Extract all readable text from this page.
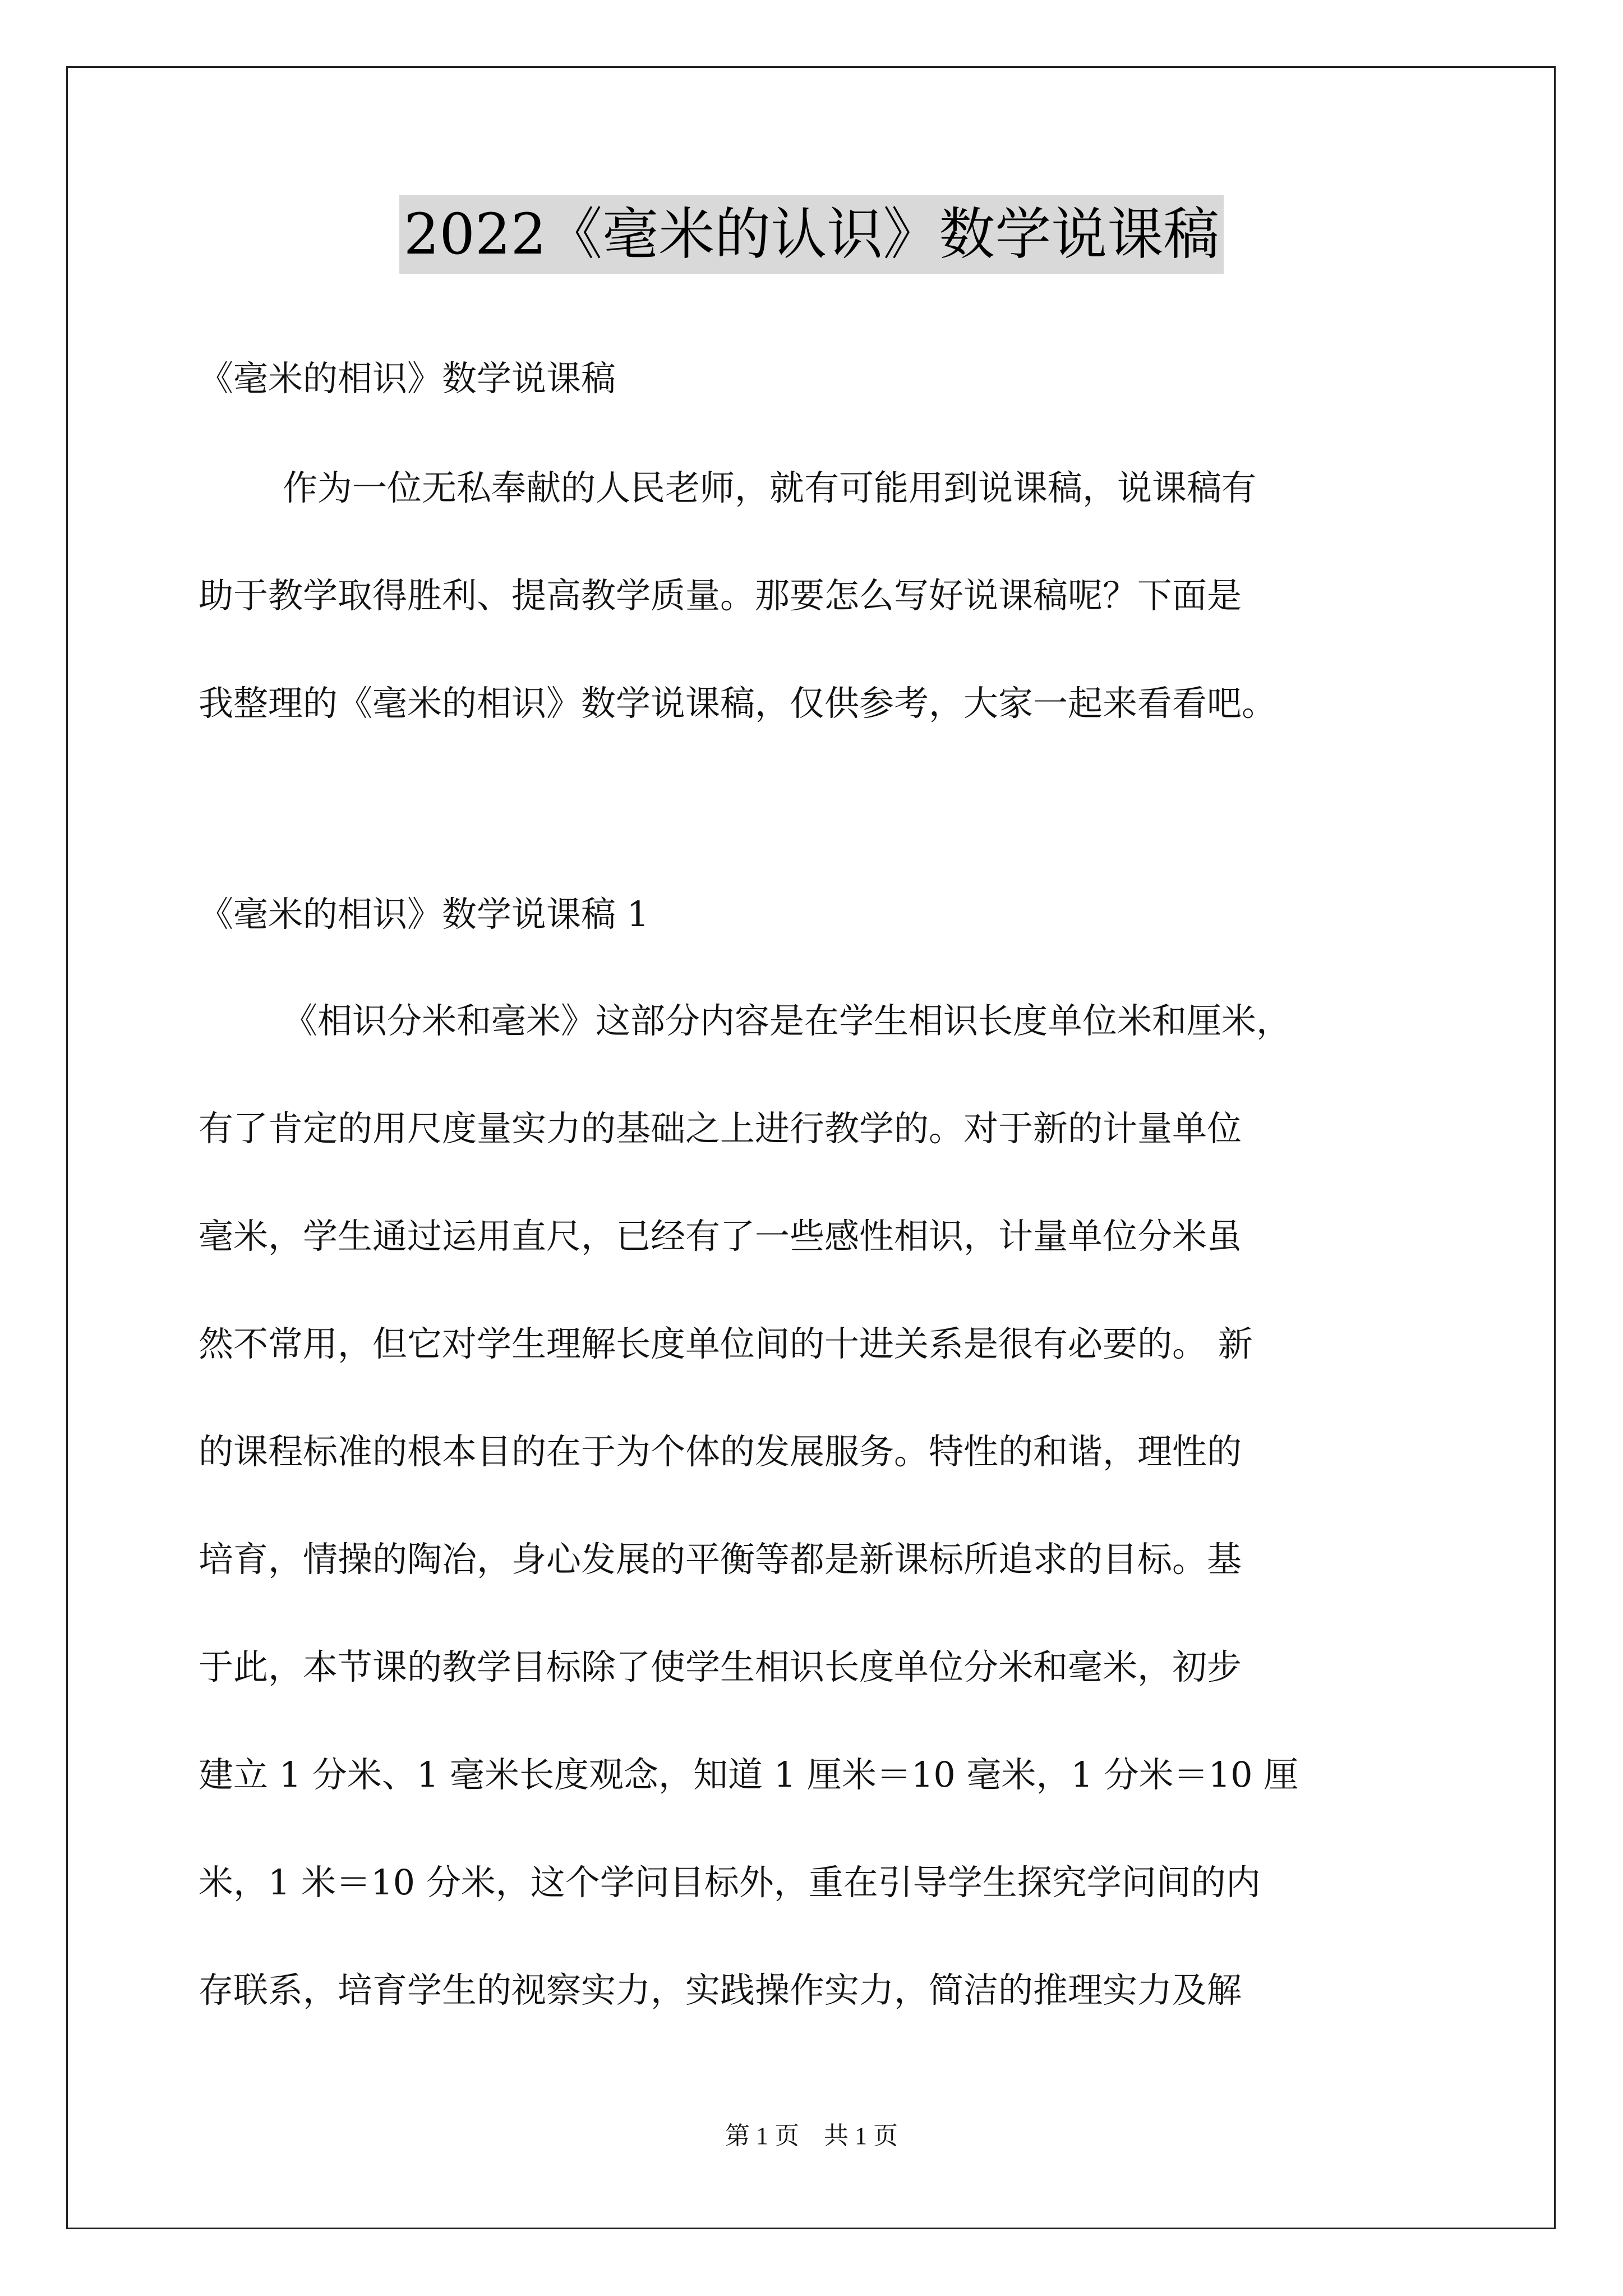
2022《毫米的认识》数学说课稿
《毫米的相识》数学说课稿
作为一位无私奉献的人民老师，就有可能用到说课稿，说课稿有
助于教学取得胜利、提高教学质量。那要怎么写好说课稿呢？下面是
我整理的《毫米的相识》数学说课稿，仅供参考，大家一起来看看吧。
《毫米的相识》数学说课稿 1
《相识分米和毫米》这部分内容是在学生相识长度单位米和厘米，
有了肯定的用尺度量实力的基础之上进行教学的。对于新的计量单位
毫米，学生通过运用直尺，已经有了一些感性相识，计量单位分米虽
然不常用，但它对学生理解长度单位间的十进关系是很有必要的。 新
的课程标准的根本目的在于为个体的发展服务。特性的和谐，理性的
培育，情操的陶冶，身心发展的平衡等都是新课标所追求的目标。基
于此，本节课的教学目标除了使学生相识长度单位分米和毫米，初步
建立 1 分米、1 毫米长度观念，知道 1 厘米＝10 毫米，1 分米＝10 厘
米，1 米＝10 分米，这个学问目标外，重在引导学生探究学问间的内
存联系，培育学生的视察实力，实践操作实力，简洁的推理实力及解
第 1 页　共 1 页
